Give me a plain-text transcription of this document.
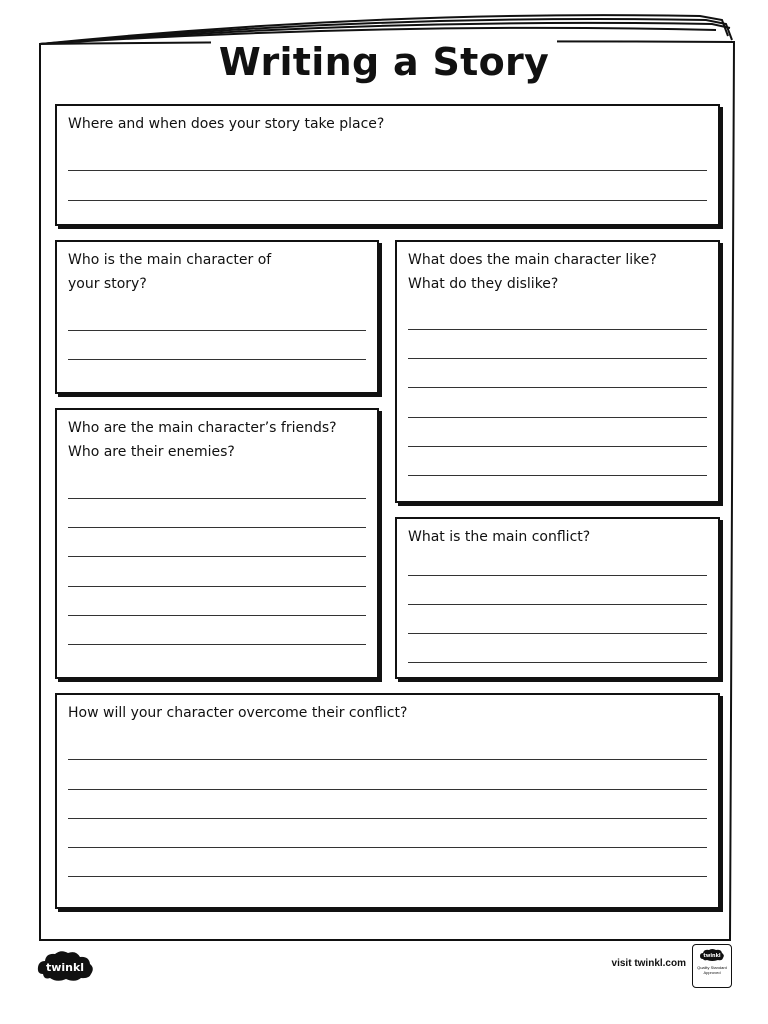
Writing a Story
Where and when does your story take place?
Who is the main character of
your story?
What does the main character like?
What do they dislike?
Who are the main character’s friends?
Who are their enemies?
What is the main conflict?
How will your character overcome their conflict?
twinkl	visit twinkl.com
twinkl
Quality Standard
Approved
